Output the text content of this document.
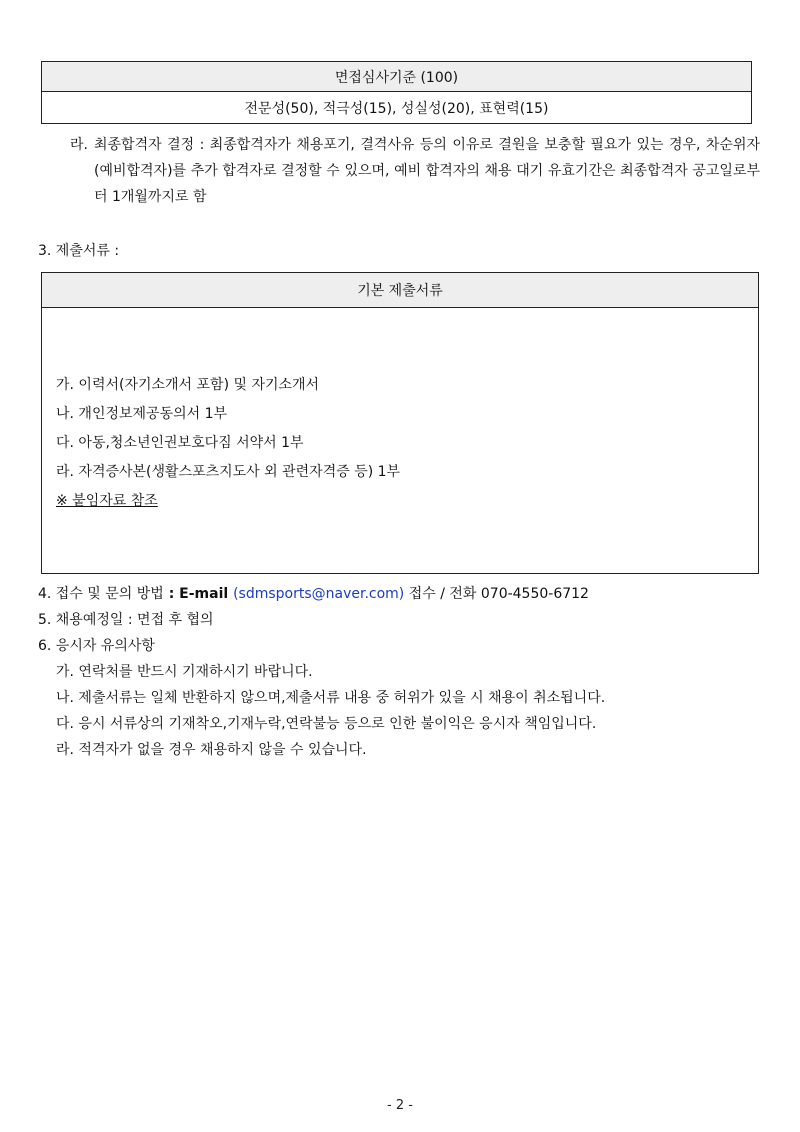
면접심사기준 (100)
전문성(50), 적극성(15), 성실성(20), 표현력(15)
라. 최종합격자 결정 : 최종합격자가 채용포기, 결격사유 등의 이유로 결원을 보충할 필요가 있는 경우, 차순위자(예비합격자)를 추가 합격자로 결정할 수 있으며, 예비 합격자의 채용 대기 유효기간은 최종합격자 공고일로부터 1개월까지로 함
3. 제출서류 :
기본 제출서류
가. 이력서(자기소개서 포함) 및 자기소개서
나. 개인정보제공동의서 1부
다. 아동,청소년인권보호다짐 서약서 1부
라. 자격증사본(생활스포츠지도사 외 관련자격증 등) 1부
※ 붙임자료 참조
4. 접수 및 문의 방법 : E-mail (sdmsports@naver.com) 접수 / 전화 070-4550-6712
5. 채용예정일 : 면접 후 협의
6. 응시자 유의사항
가. 연락처를 반드시 기재하시기 바랍니다.
나. 제출서류는 일체 반환하지 않으며,제출서류 내용 중 허위가 있을 시 채용이 취소됩니다.
다. 응시 서류상의 기재착오,기재누락,연락불능 등으로 인한 불이익은 응시자 책임입니다.
라. 적격자가 없을 경우 채용하지 않을 수 있습니다.
- 2 -
